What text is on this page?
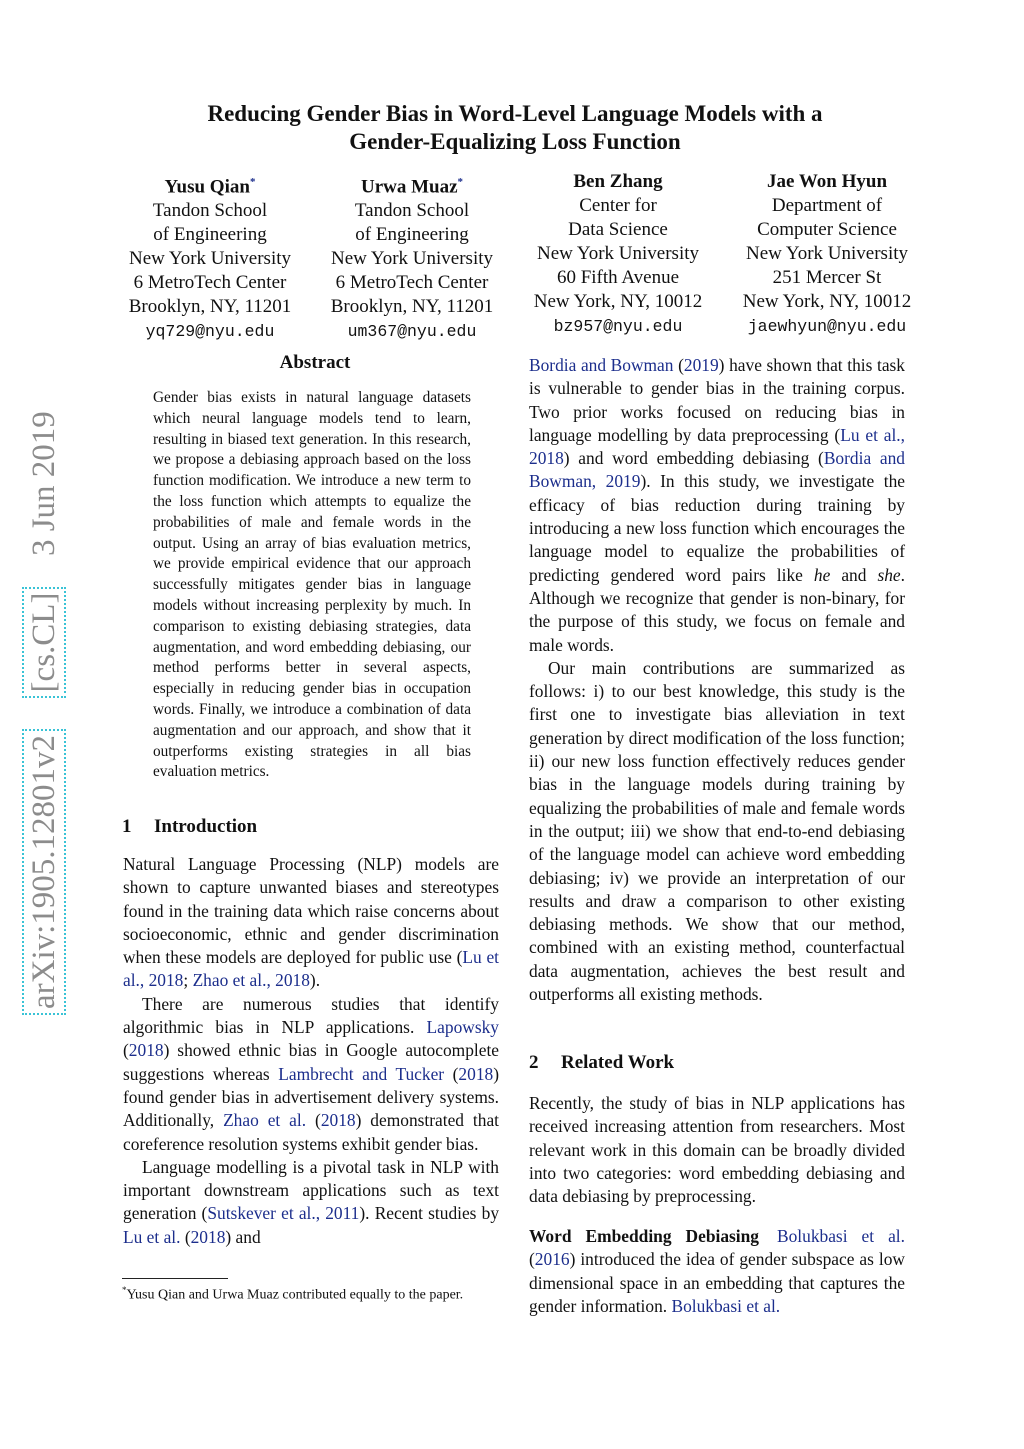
arXiv:1905.12801v2  [cs.CL]  3 Jun 2019
Reducing Gender Bias in Word-Level Language Models with a
Gender-Equalizing Loss Function
Yusu Qian*
Tandon School
of Engineering
New York University
6 MetroTech Center
Brooklyn, NY, 11201
yq729@nyu.edu
Urwa Muaz*
Tandon School
of Engineering
New York University
6 MetroTech Center
Brooklyn, NY, 11201
um367@nyu.edu
Ben Zhang
Center for
Data Science
New York University
60 Fifth Avenue
New York, NY, 10012
bz957@nyu.edu
Jae Won Hyun
Department of
Computer Science
New York University
251 Mercer St
New York, NY, 10012
jaewhyun@nyu.edu
Abstract
Gender bias exists in natural language datasets which neural language models tend to learn, resulting in biased text generation. In this research, we propose a debiasing approach based on the loss function modification. We introduce a new term to the loss function which attempts to equalize the probabilities of male and female words in the output. Using an array of bias evaluation metrics, we provide empirical evidence that our approach successfully mitigates gender bias in language models without increasing perplexity by much. In comparison to existing debiasing strategies, data augmentation, and word embedding debiasing, our method performs better in several aspects, especially in reducing gender bias in occupation words. Finally, we introduce a combination of data augmentation and our approach, and show that it outperforms existing strategies in all bias evaluation metrics.
1 Introduction

Natural Language Processing (NLP) models are shown to capture unwanted biases and stereotypes found in the training data which raise concerns about socioeconomic, ethnic and gender discrimination when these models are deployed for public use (Lu et al., 2018; Zhao et al., 2018).

There are numerous studies that identify algorithmic bias in NLP applications. Lapowsky (2018) showed ethnic bias in Google autocomplete suggestions whereas Lambrecht and Tucker (2018) found gender bias in advertisement delivery systems. Additionally, Zhao et al. (2018) demonstrated that coreference resolution systems exhibit gender bias.

Language modelling is a pivotal task in NLP with important downstream applications such as text generation (Sutskever et al., 2011). Recent studies by Lu et al. (2018) and

*Yusu Qian and Urwa Muaz contributed equally to the paper.

Bordia and Bowman (2019) have shown that this task is vulnerable to gender bias in the training corpus. Two prior works focused on reducing bias in language modelling by data preprocessing (Lu et al., 2018) and word embedding debiasing (Bordia and Bowman, 2019). In this study, we investigate the efficacy of bias reduction during training by introducing a new loss function which encourages the language model to equalize the probabilities of predicting gendered word pairs like he and she. Although we recognize that gender is non-binary, for the purpose of this study, we focus on female and male words.

Our main contributions are summarized as follows: i) to our best knowledge, this study is the first one to investigate bias alleviation in text generation by direct modification of the loss function; ii) our new loss function effectively reduces gender bias in the language models during training by equalizing the probabilities of male and female words in the output; iii) we show that end-to-end debiasing of the language model can achieve word embedding debiasing; iv) we provide an interpretation of our results and draw a comparison to other existing debiasing methods. We show that our method, combined with an existing method, counterfactual data augmentation, achieves the best result and outperforms all existing methods.

2 Related Work

Recently, the study of bias in NLP applications has received increasing attention from researchers. Most relevant work in this domain can be broadly divided into two categories: word embedding debiasing and data debiasing by preprocessing.

Word Embedding Debiasing Bolukbasi et al. (2016) introduced the idea of gender subspace as low dimensional space in an embedding that captures the gender information. Bolukbasi et al.
